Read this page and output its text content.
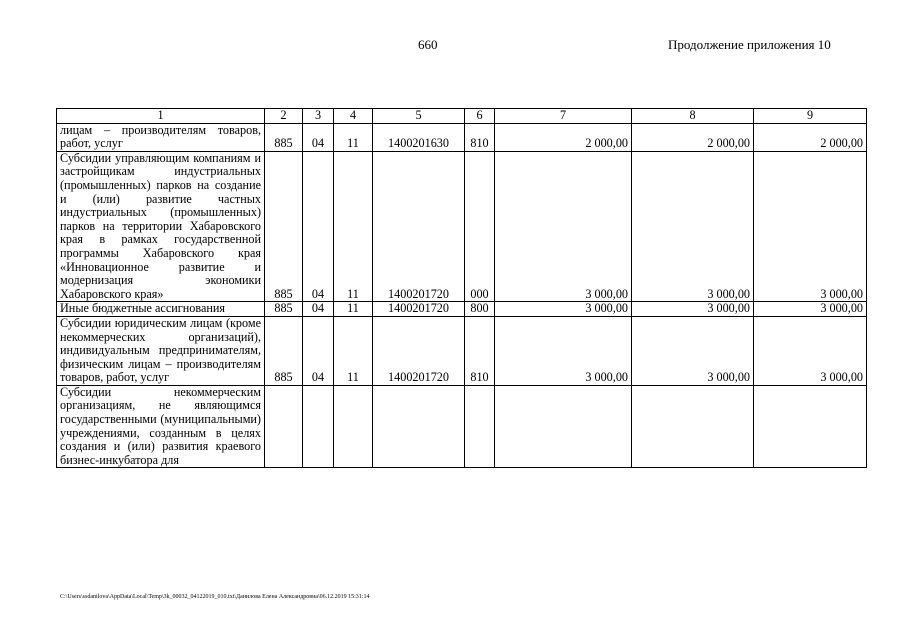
660	Продолжение приложения 10
1	2	3	4	5	6	7	8	9
лицам – производителям товаров, работ, услуг	885	04	11	1400201630	810	2 000,00	2 000,00	2 000,00
Субсидии управляющим компаниям и застройщикам индустриальных (промышленных) парков на создание и (или) развитие частных индустриальных (промышленных) парков на территории Хабаровского края в рамках государственной программы Хабаровского края «Инновационное развитие и модернизация экономики Хабаровского края»	885	04	11	1400201720	000	3 000,00	3 000,00	3 000,00
Иные бюджетные ассигнования	885	04	11	1400201720	800	3 000,00	3 000,00	3 000,00
Субсидии юридическим лицам (кроме некоммерческих организаций), индивидуальным предпринимателям, физическим лицам – производителям товаров, работ, услуг	885	04	11	1400201720	810	3 000,00	3 000,00	3 000,00
Субсидии некоммерческим организациям, не являющимся государственными (муниципальными) учреждениями, созданным в целях создания и (или) развития краевого бизнес-инкубатора для								
C:\Users\ssdanilova\AppData\Local\Temp\3k_00032_04122019_010.txt\Данилова Елена Александровна\06.12.2019 15:31:14
